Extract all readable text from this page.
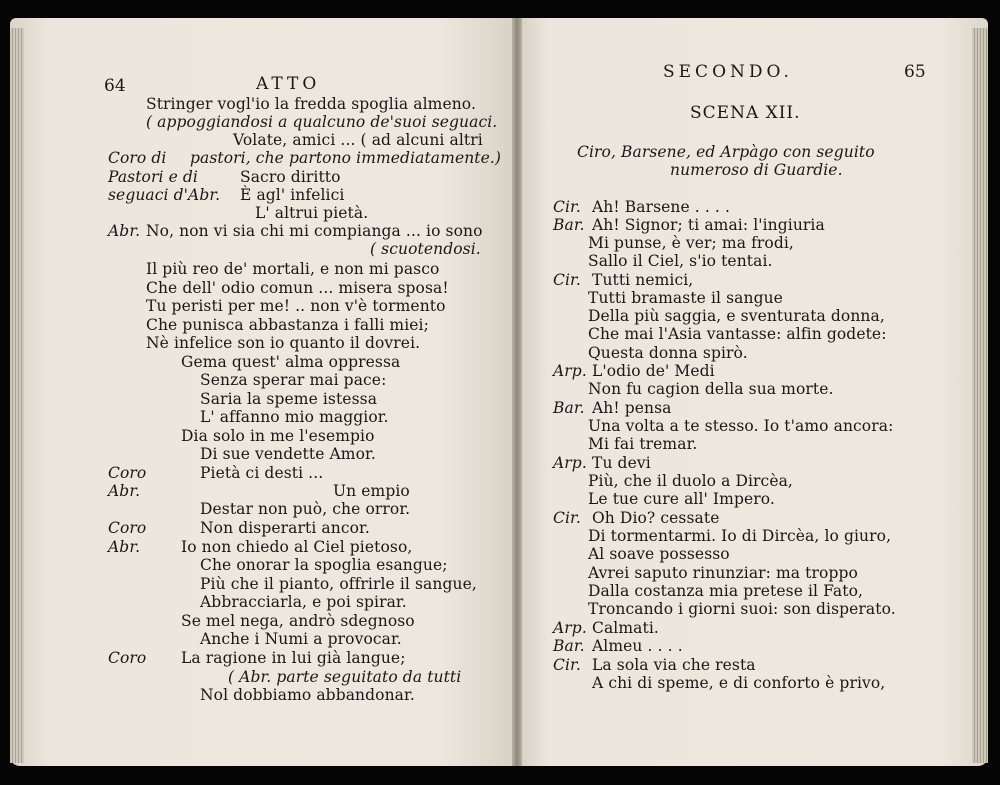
64	ATTO
SECONDO.	65
SCENA XII.
Ciro, Barsene, ed Arpàgo con seguito
numeroso di Guardie.
Stringer vogl'io la fredda spoglia almeno.
( appoggiandosi a qualcuno de'suoi seguaci.
Volate, amici ... ( ad alcuni altri
Coro di pastori, che partono immediatamente.)
Pastori e di	Sacro diritto
seguaci d'Abr. È agl' infelici
L' altrui pietà.
Abr. No, non vi sia chi mi compianga ... io sono
( scuotendosi.
Il più reo de' mortali, e non mi pasco
Che dell' odio comun ... misera sposa!
Tu peristi per me! .. non v'è tormento
Che punisca abbastanza i falli miei;
Nè infelice son io quanto il dovrei.
Gema quest' alma oppressa
Senza sperar mai pace:
Saria la speme istessa
L' affanno mio maggior.
Dia solo in me l'esempio
Di sue vendette Amor.
Coro	Pietà ci desti ...
Abr.	Un empio
Destar non può, che orror.
Coro	Non disperarti ancor.
Abr.	Io non chiedo al Ciel pietoso,
Che onorar la spoglia esangue;
Più che il pianto, offrirle il sangue,
Abbracciarla, e poi spirar.
Se mel nega, andrò sdegnoso
Anche i Numi a provocar.
Coro La ragione in lui già langue;
( Abr. parte seguitato da tutti
Nol dobbiamo abbandonar.
Cir. Ah! Barsene . . . .
Bar. Ah! Signor; ti amai: l'ingiuria
Mi punse, è ver; ma frodi,
Sallo il Ciel, s'io tentai.
Cir. Tutti nemici,
Tutti bramaste il sangue
Della più saggia, e sventurata donna,
Che mai l'Asia vantasse: alfin godete:
Questa donna spirò.
Arp. L'odio de' Medi
Non fu cagion della sua morte.
Bar. Ah! pensa
Una volta a te stesso. Io t'amo ancora:
Mi fai tremar.
Arp. Tu devi
Più, che il duolo a Dircèa,
Le tue cure all' Impero.
Cir. Oh Dio? cessate
Di tormentarmi. Io di Dircèa, lo giuro,
Al soave possesso
Avrei saputo rinunziar: ma troppo
Dalla costanza mia pretese il Fato,
Troncando i giorni suoi: son disperato.
Arp. Calmati.
Bar. Almeu . . . .
Cir. La sola via che resta
A chi di speme, e di conforto è privo,
